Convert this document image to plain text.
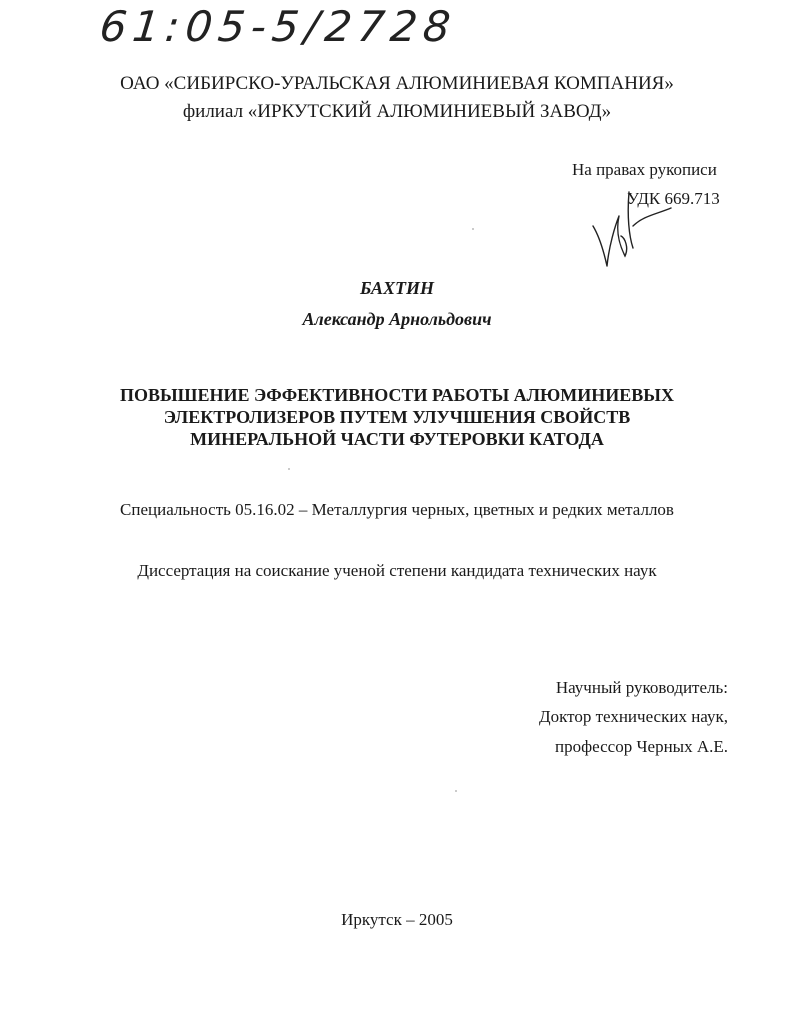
61:05-5/2728
ОАО «СИБИРСКО-УРАЛЬСКАЯ АЛЮМИНИЕВАЯ КОМПАНИЯ»
филиал «ИРКУТСКИЙ АЛЮМИНИЕВЫЙ ЗАВОД»
На правах рукописи
УДК 669.713
БАХТИН
Александр Арнольдович
ПОВЫШЕНИЕ ЭФФЕКТИВНОСТИ РАБОТЫ АЛЮМИНИЕВЫХ
ЭЛЕКТРОЛИЗЕРОВ ПУТЕМ УЛУЧШЕНИЯ СВОЙСТВ
МИНЕРАЛЬНОЙ ЧАСТИ ФУТЕРОВКИ КАТОДА
Специальность 05.16.02 – Металлургия черных, цветных и редких металлов
Диссертация на соискание ученой степени кандидата технических наук
Научный руководитель:
Доктор технических наук,
профессор Черных А.Е.
Иркутск – 2005
